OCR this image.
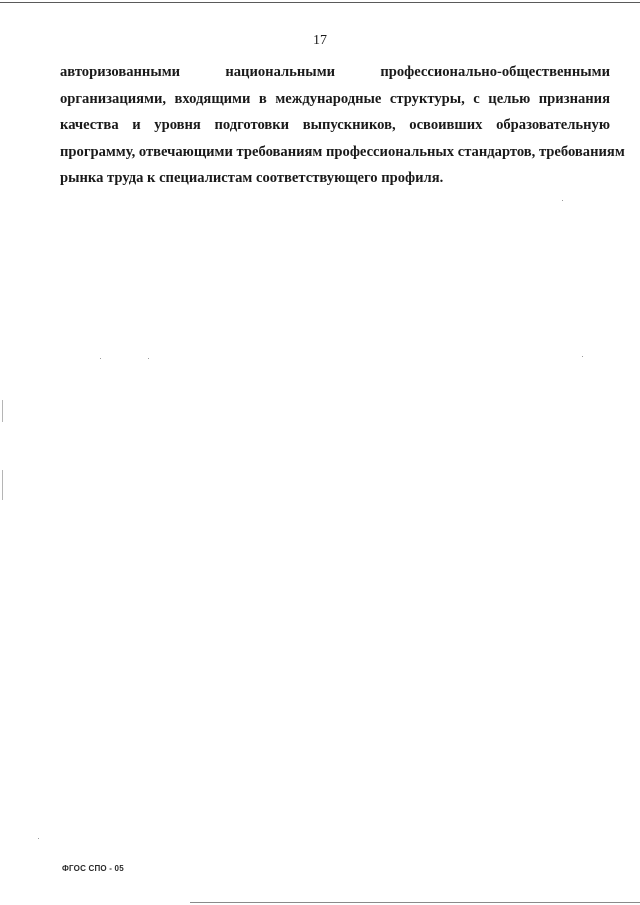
17
авторизованными национальными профессионально-общественными
организациями, входящими в международные структуры, с целью признания
качества и уровня подготовки выпускников, освоивших образовательную
программу, отвечающими требованиям профессиональных стандартов, требованиям
рынка труда к специалистам соответствующего профиля.
ФГОС СПО - 05
